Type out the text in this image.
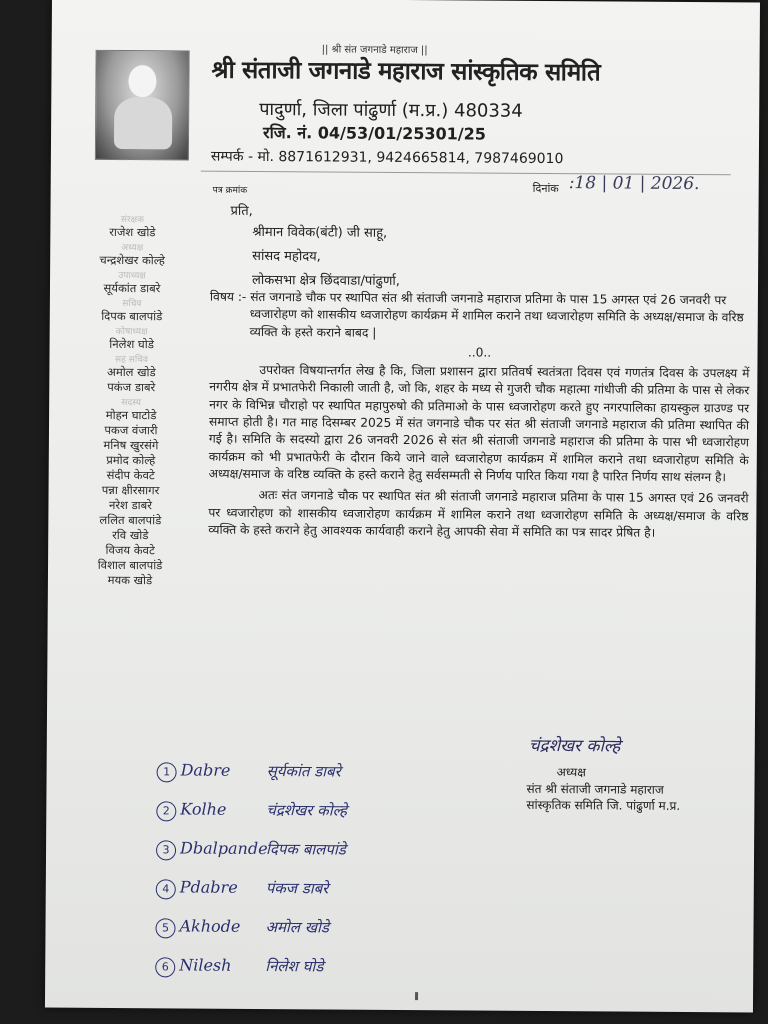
|| श्री संत जगनाडे महाराज ||
श्री संताजी जगनाडे महाराज सांस्कृतिक समिति
पादुर्णा, जिला पांढुर्णा (म.प्र.) 480334
रजि. नं. 04/53/01/25301/25
सम्पर्क - मो. 8871612931, 9424665814, 7987469010
पत्र क्रमांक	दिनांक :18 | 01 | 2026.
प्रति,
श्रीमान विवेक(बंटी) जी साहू,
सांसद महोदय,
लोकसभा क्षेत्र छिंदवाडा/पांढुर्णा,
संरक्षक
राजेश खोडे
अध्यक्ष
चन्द्रशेखर कोल्हे
उपाध्यक्ष
सूर्यकांत डाबरे
सचिव
दिपक बालपांडे
कोषाध्यक्ष
निलेश घोडे
सह सचिव
अमोल खोडे
पकंज डाबरे
सदस्य
मोहन घाटोडे
पकज वंजारी
मनिष खुरसंगे
प्रमोद कोल्हे
संदीप केवटे
पन्ना क्षीरसागर
नरेश डाबरे
ललित बालपांडे
रवि खोडे
विजय केवटे
विशाल बालपांडे
मयक खोडे

विषय :- संत जगनाडे चौक पर स्थापित संत श्री संताजी जगनाडे महाराज प्रतिमा के पास 15 अगस्त एवं 26 जनवरी पर ध्वजारोहण को शासकीय ध्वजारोहण कार्यक्रम में शामिल कराने तथा ध्वजारोहण समिति के अध्यक्ष/समाज के वरिष्ठ व्यक्ति के हस्ते कराने बाबद |

..0..

उपरोक्त विषयान्तर्गत लेख है कि, जिला प्रशासन द्वारा प्रतिवर्ष स्वतंत्रता दिवस एवं गणतंत्र दिवस के उपलक्ष्य में नगरीय क्षेत्र में प्रभातफेरी निकाली जाती है, जो कि, शहर के मध्य से गुजरी चौक महात्मा गांधीजी की प्रतिमा के पास से लेकर नगर के विभिन्न चौराहो पर स्थापित महापुरुषो की प्रतिमाओ के पास ध्वजारोहण करते हुए नगरपालिका हायस्कुल ग्राउण्ड पर समाप्त होती है। गत माह दिसम्बर 2025 में संत जगनाडे चौक पर संत श्री संताजी जगनाडे महाराज की प्रतिमा स्थापित की गई है। समिति के सदस्यो द्वारा 26 जनवरी 2026 से संत श्री संताजी जगनाडे महाराज की प्रतिमा के पास भी ध्वजारोहण कार्यक्रम को भी प्रभातफेरी के दौरान किये जाने वाले ध्वजारोहण कार्यक्रम में शामिल कराने तथा ध्वजारोहण समिति के अध्यक्ष/समाज के वरिष्ठ व्यक्ति के हस्ते कराने हेतु सर्वसम्मती से निर्णय पारित किया गया है पारित निर्णय साथ संलग्न है।

अतः संत जगनाडे चौक पर स्थापित संत श्री संताजी जगनाडे महाराज प्रतिमा के पास 15 अगस्त एवं 26 जनवरी पर ध्वजारोहण को शासकीय ध्वजारोहण कार्यक्रम में शामिल कराने तथा ध्वजारोहण समिति के अध्यक्ष/समाज के वरिष्ठ व्यक्ति के हस्ते कराने हेतु आवश्यक कार्यवाही कराने हेतु आपकी सेवा में समिति का पत्र सादर प्रेषित है।

चंद्रशेखर कोल्हे
अध्यक्ष
संत श्री संताजी जगनाडे महाराज
सांस्कृतिक समिति जि. पांढुर्णा म.प्र.
1 Dabre सूर्यकांत डाबरे
2 Kolhe	चंद्रशेखर कोल्हे
3 Dbalpande
दिपक बालपांडे
4 Pdabre पंकज डाबरे
5 Akhode अमोल खोडे
6 Nilesh निलेश घोडे
